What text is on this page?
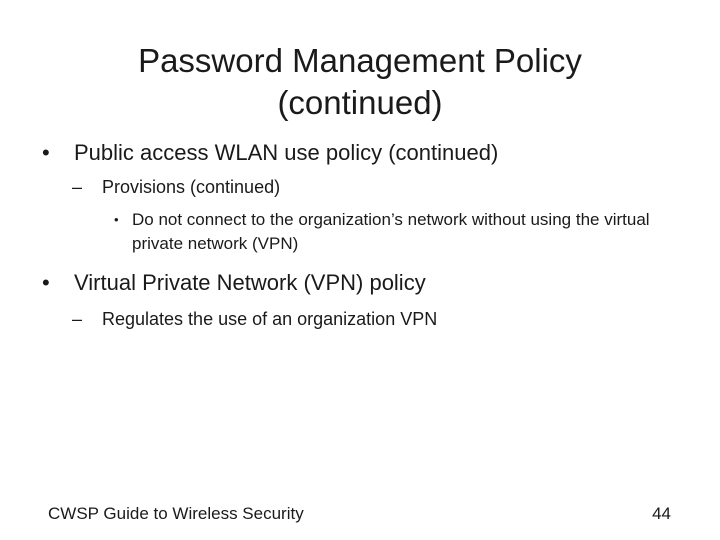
Password Management Policy
(continued)
•	Public access WLAN use policy (continued)
–	Provisions (continued)
• Do not connect to the organization’s network without using the virtual private network (VPN)
•	Virtual Private Network (VPN) policy
–	Regulates the use of an organization VPN
CWSP Guide to Wireless Security	44
